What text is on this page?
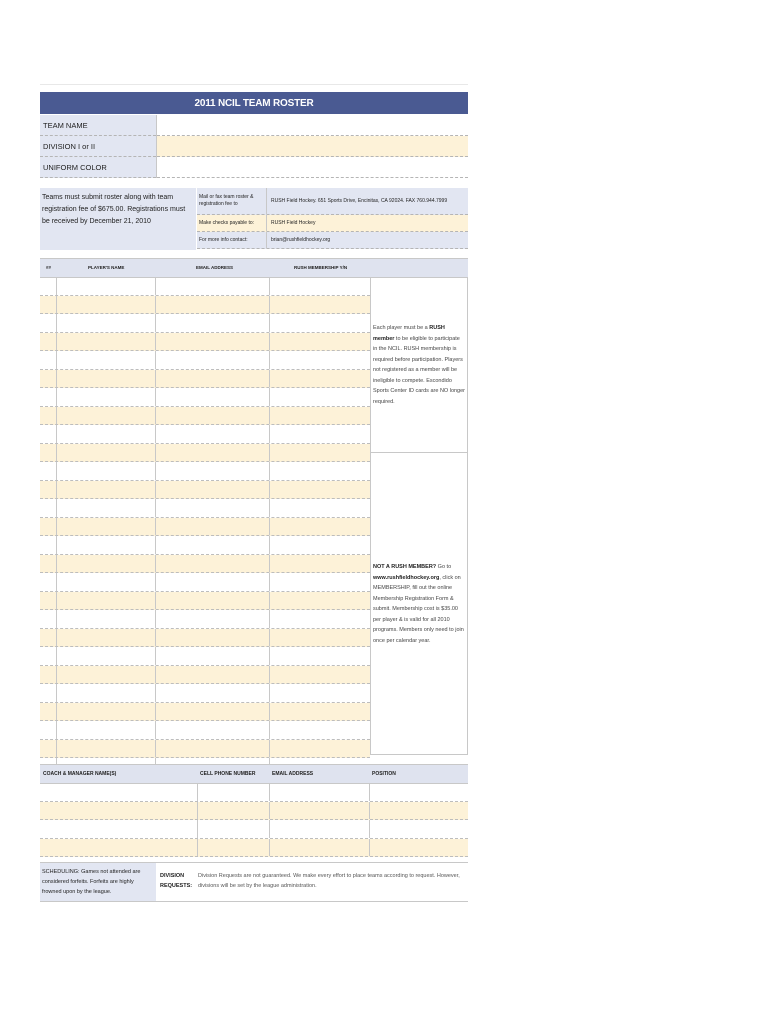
2011 NCIL TEAM ROSTER
TEAM NAME	
DIVISION I or II	
UNIFORM COLOR	
Teams must submit roster along with team registration fee of $675.00. Registrations must be received by December 21, 2010
Mail or fax team roster & registration fee to	RUSH Field Hockey. 651 Sports Drive, Encinitas, CA 92024. FAX 760.944.7999
Make checks payable to:	RUSH Field Hockey
For more info contact:	brian@rushfieldhockey.org
##	PLAYER'S NAME	EMAIL ADDRESS	RUSH MEMBERSHIP Y/N
Each player must be a RUSH member to be eligible to participate in the NCIL. RUSH membership is required before participation. Players not registered as a member will be ineligible to compete. Escondido Sports Center ID cards are NO longer required.
NOT A RUSH MEMBER? Go to www.rushfieldhockey.org, click on MEMBERSHIP, fill out the online Membership Registration Form & submit. Membership cost is $35.00 per player & is valid for all 2010 programs. Members only need to join once per calendar year.
COACH & MANAGER NAME(S)	CELL PHONE NUMBER	EMAIL ADDRESS	POSITION
SCHEDULING: Games not attended are considered forfeits. Forfeits are highly frowned upon by the league.
DIVISION REQUESTS:
Division Requests are not guaranteed. We make every effort to place teams according to request. However, divisions will be set by the league administration.
